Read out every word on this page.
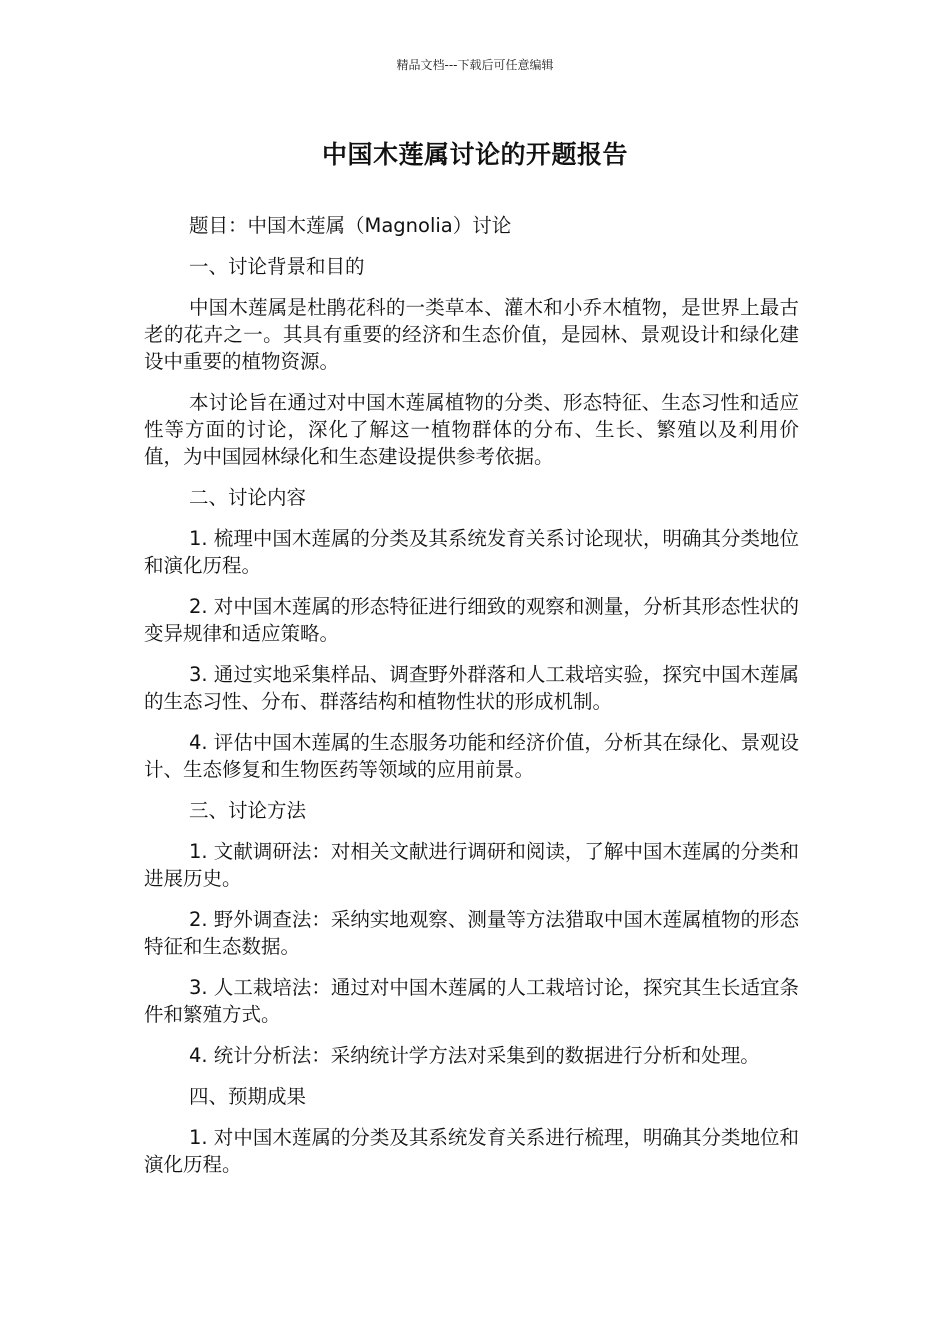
精品文档---下载后可任意编辑
中国木莲属讨论的开题报告

题目：中国木莲属（Magnolia）讨论

一、讨论背景和目的

中国木莲属是杜鹃花科的一类草本、灌木和小乔木植物，是世界上最古老的花卉之一。其具有重要的经济和生态价值，是园林、景观设计和绿化建设中重要的植物资源。

本讨论旨在通过对中国木莲属植物的分类、形态特征、生态习性和适应性等方面的讨论，深化了解这一植物群体的分布、生长、繁殖以及利用价值，为中国园林绿化和生态建设提供参考依据。

二、讨论内容

1. 梳理中国木莲属的分类及其系统发育关系讨论现状，明确其分类地位和演化历程。

2. 对中国木莲属的形态特征进行细致的观察和测量，分析其形态性状的变异规律和适应策略。

3. 通过实地采集样品、调查野外群落和人工栽培实验，探究中国木莲属的生态习性、分布、群落结构和植物性状的形成机制。

4. 评估中国木莲属的生态服务功能和经济价值，分析其在绿化、景观设计、生态修复和生物医药等领域的应用前景。

三、讨论方法

1. 文献调研法：对相关文献进行调研和阅读，了解中国木莲属的分类和进展历史。

2. 野外调查法：采纳实地观察、测量等方法猎取中国木莲属植物的形态特征和生态数据。

3. 人工栽培法：通过对中国木莲属的人工栽培讨论，探究其生长适宜条件和繁殖方式。

4. 统计分析法：采纳统计学方法对采集到的数据进行分析和处理。

四、预期成果

1. 对中国木莲属的分类及其系统发育关系进行梳理，明确其分类地位和演化历程。
